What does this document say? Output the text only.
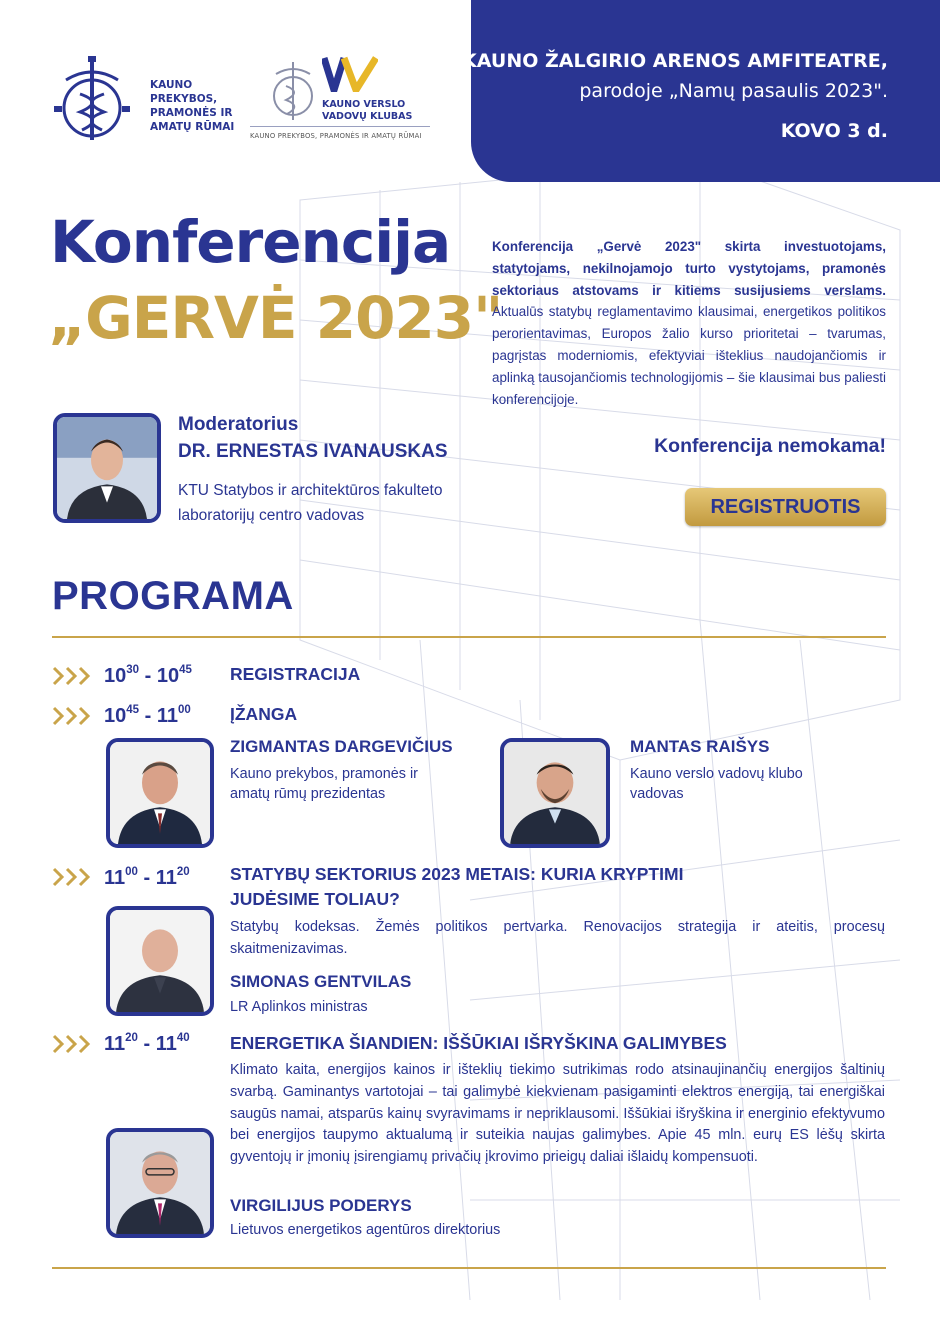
KAUNO PREKYBOS,
PRAMONĖS IR
AMATŲ RŪMAI
KAUNO VERSLO
VADOVŲ KLUBAS
KAUNO PREKYBOS, PRAMONĖS IR AMATŲ RŪMAI
KAUNO ŽALGIRIO ARENOS AMFITEATRE,
parodoje „Namų pasaulis 2023".
KOVO 3 d.
Konferencija
„GERVĖ 2023"
Konferencija „Gervė 2023" skirta investuotojams, statytojams, nekilnojamojo turto vystytojams, pramonės sektoriaus atstovams ir kitiems susijusiems verslams. Aktualūs statybų reglamentavimo klausimai, energetikos politikos perorientavimas, Europos žalio kurso prioritetai – tvarumas, pagrįstas moderniomis, efektyviai išteklius naudojančiomis ir aplinką tausojančiomis technologijomis – šie klausimai bus paliesti konferencijoje.
Konferencija nemokama!
REGISTRUOTIS
Moderatorius
DR. ERNESTAS IVANAUSKAS
KTU Statybos ir architektūros fakulteto laboratorijų centro vadovas
PROGRAMA
$10^{30} - 10^{45}$ REGISTRACIJA
$10^{45} - 11^{00}$ ĮŽANGA
ZIGMANTAS DARGEVIČIUS
Kauno prekybos, pramonės ir amatų rūmų prezidentas
MANTAS RAIŠYS
Kauno verslo vadovų klubo vadovas
$11^{00} - 11^{20}$ STATYBŲ SEKTORIUS 2023 METAIS: KURIA KRYPTIMI JUDĖSIME TOLIAU?
Statybų kodeksas. Žemės politikos pertvarka. Renovacijos strategija ir ateitis, procesų skaitmenizavimas.
SIMONAS GENTVILAS
LR Aplinkos ministras
$11^{20} - 11^{40}$ ENERGETIKA ŠIANDIEN: IŠŠŪKIAI IŠRYŠKINA GALIMYBES
Klimato kaita, energijos kainos ir išteklių tiekimo sutrikimas rodo atsinaujinančių energijos šaltinių svarbą. Gaminantys vartotojai – tai galimybė kiekvienam pasigaminti elektros energiją, tai energiškai saugūs namai, atsparūs kainų svyravimams ir nepriklausomi. Iššūkiai išryškina ir energinio efektyvumo bei energijos taupymo aktualumą ir suteikia naujas galimybes. Apie 45 mln. eurų ES lėšų skirta gyventojų ir įmonių įsirengiamų privačių įkrovimo prieigų daliai išlaidų kompensuoti.
VIRGILIJUS PODERYS
Lietuvos energetikos agentūros direktorius
